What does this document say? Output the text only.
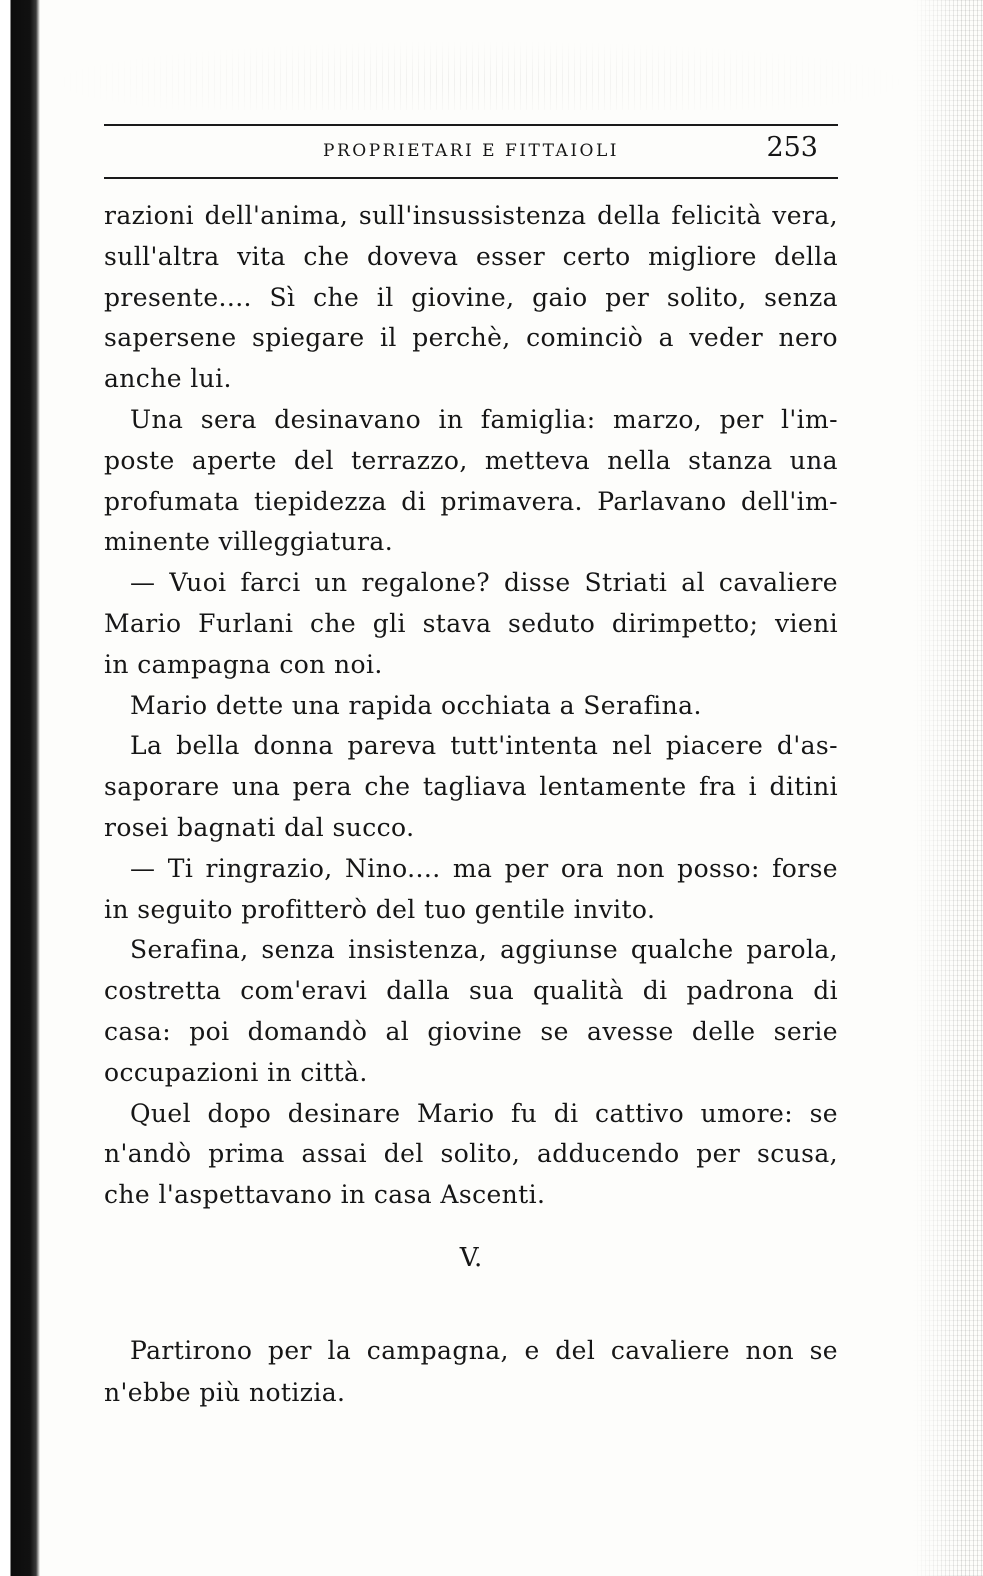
PROPRIETARI E FITTAIOLI	253
razioni dell'anima, sull'insussistenza della felicità vera,
sull'altra vita che doveva esser certo migliore della
presente.... Sì che il giovine, gaio per solito, senza
sapersene spiegare il perchè, cominciò a veder nero
anche lui.
Una sera desinavano in famiglia: marzo, per l'im-
poste aperte del terrazzo, metteva nella stanza una
profumata tiepidezza di primavera. Parlavano dell'im-
minente villeggiatura.
— Vuoi farci un regalone? disse Striati al cavaliere
Mario Furlani che gli stava seduto dirimpetto; vieni
in campagna con noi.
Mario dette una rapida occhiata a Serafina.
La bella donna pareva tutt'intenta nel piacere d'as-
saporare una pera che tagliava lentamente fra i ditini
rosei bagnati dal succo.
— Ti ringrazio, Nino.... ma per ora non posso: forse
in seguito profitterò del tuo gentile invito.
Serafina, senza insistenza, aggiunse qualche parola,
costretta com'eravi dalla sua qualità di padrona di
casa: poi domandò al giovine se avesse delle serie
occupazioni in città.
Quel dopo desinare Mario fu di cattivo umore: se
n'andò prima assai del solito, adducendo per scusa,
che l'aspettavano in casa Ascenti.
V.
Partirono per la campagna, e del cavaliere non se
n'ebbe più notizia.
